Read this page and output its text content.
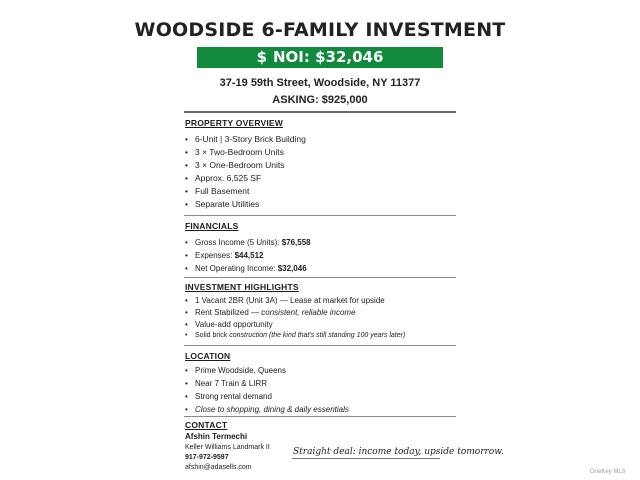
WOODSIDE 6-FAMILY INVESTMENT
$ NOI: $32,046
37-19 59th Street, Woodside, NY 11377
ASKING: $925,000
PROPERTY OVERVIEW
• 6-Unit | 3-Story Brick Building
• 3 × Two-Bedroom Units
• 3 × One-Bedroom Units
• Approx. 6,525 SF
• Full Basement
• Separate Utilities
FINANCIALS
• Gross Income (5 Units): $76,558
• Expenses: $44,512
• Net Operating Income: $32,046
INVESTMENT HIGHLIGHTS
• 1 Vacant 2BR (Unit 3A) — Lease at market for upside
• Rent Stabilized — consistent, reliable income
• Value-add opportunity
• Solid brick construction (the kind that's still standing 100 years later)
LOCATION
• Prime Woodside, Queens
• Near 7 Train & LIRR
• Strong rental demand
• Close to shopping, dining & daily essentials
CONTACT
Afshin Termechi
Keller Williams Landmark II
917-972-9597
afshin@adasells.com
Straight deal: income today, upside tomorrow.
OneKey MLS
